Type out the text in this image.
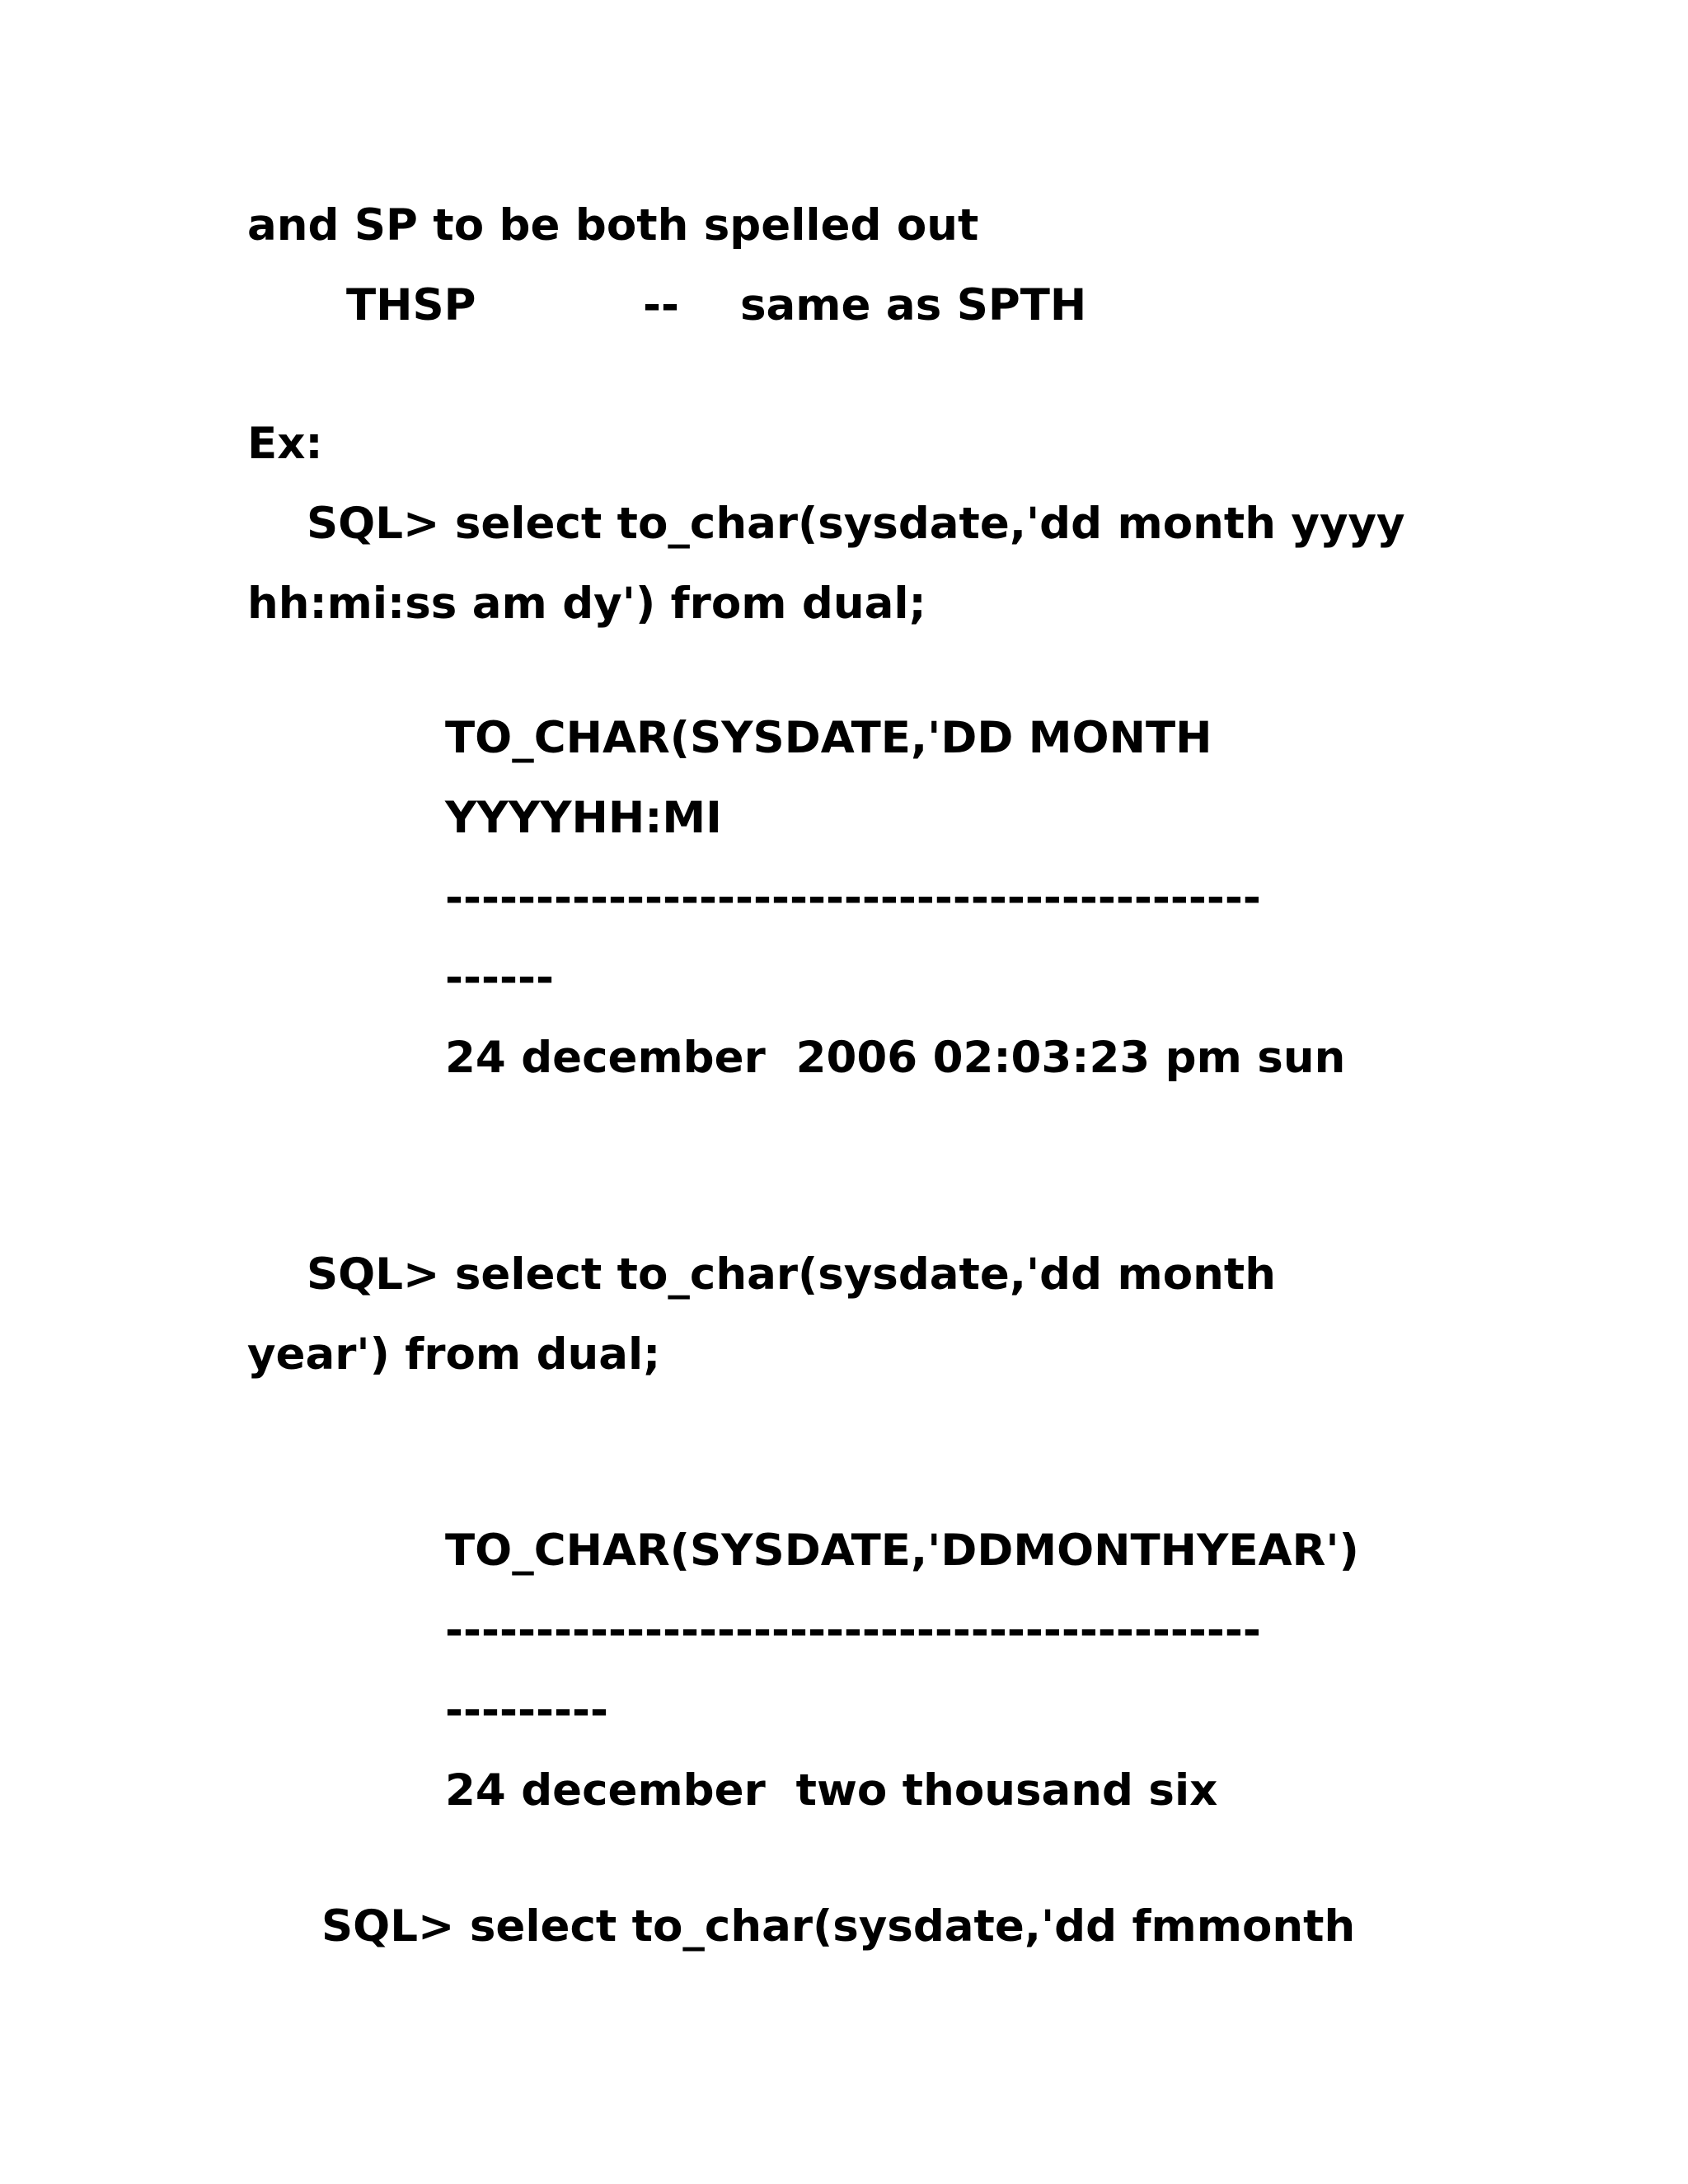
and SP to be both spelled out

THSP	-- same as SPTH

Ex:

SQL> select to_char(sysdate,'dd month yyyy

hh:mi:ss am dy') from dual;

TO_CHAR(SYSDATE,'DD MONTH

YYYYHH:MI

---------------------------------------------

------

24 december  2006 02:03:23 pm sun

SQL> select to_char(sysdate,'dd month

year') from dual;

TO_CHAR(SYSDATE,'DDMONTHYEAR')

---------------------------------------------

---------

24 december  two thousand six

SQL> select to_char(sysdate,'dd fmmonth
